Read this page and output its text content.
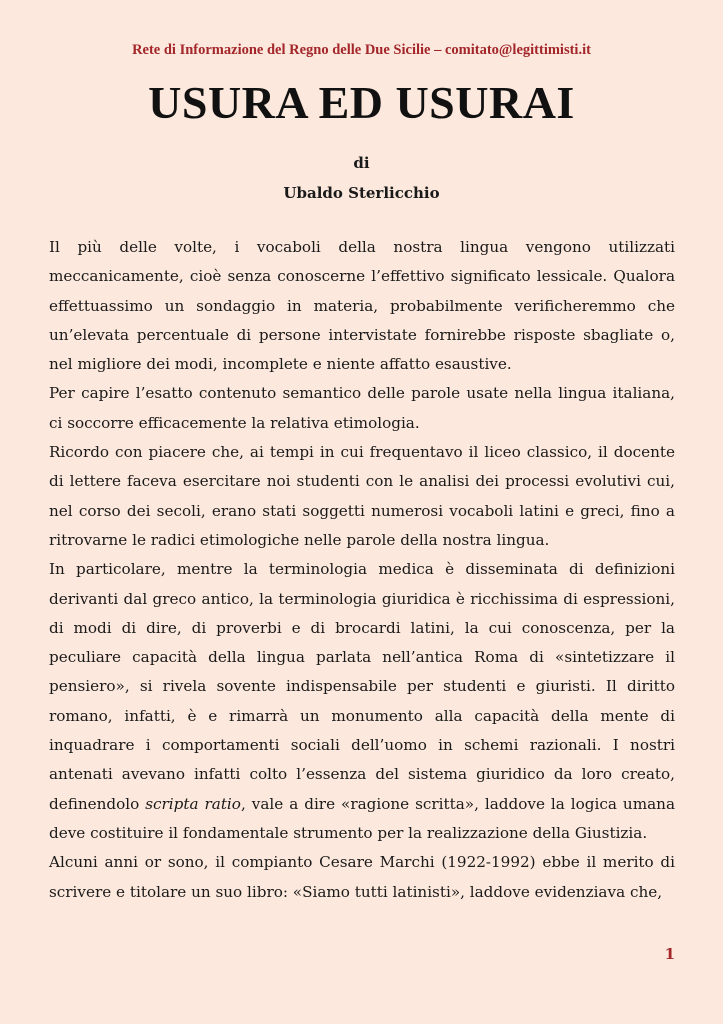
Rete di Informazione del Regno delle Due Sicilie – comitato@legittimisti.it
USURA ED USURAI
di
Ubaldo Sterlicchio

Il più delle volte, i vocaboli della nostra lingua vengono utilizzati meccanicamente, cioè senza conoscerne l’effettivo significato lessicale. Qualora effettuassimo un sondaggio in materia, probabilmente verificheremmo che un’elevata percentuale di persone intervistate fornirebbe risposte sbagliate o, nel migliore dei modi, incomplete e niente affatto esaustive.

Per capire l’esatto contenuto semantico delle parole usate nella lingua italiana, ci soccorre efficacemente la relativa etimologia.

Ricordo con piacere che, ai tempi in cui frequentavo il liceo classico, il docente di lettere faceva esercitare noi studenti con le analisi dei processi evolutivi cui, nel corso dei secoli, erano stati soggetti numerosi vocaboli latini e greci, fino a ritrovarne le radici etimologiche nelle parole della nostra lingua.

In particolare, mentre la terminologia medica è disseminata di definizioni derivanti dal greco antico, la terminologia giuridica è ricchissima di espressioni, di modi di dire, di proverbi e di brocardi latini, la cui conoscenza, per la peculiare capacità della lingua parlata nell’antica Roma di «sintetizzare il pensiero», si rivela sovente indispensabile per studenti e giuristi. Il diritto romano, infatti, è e rimarrà un monumento alla capacità della mente di inquadrare i comportamenti sociali dell’uomo in schemi razionali. I nostri antenati avevano infatti colto l’essenza del sistema giuridico da loro creato, definendolo scripta ratio, vale a dire «ragione scritta», laddove la logica umana deve costituire il fondamentale strumento per la realizzazione della Giustizia.

Alcuni anni or sono, il compianto Cesare Marchi (1922-1992) ebbe il merito di scrivere e titolare un suo libro: «Siamo tutti latinisti», laddove evidenziava che,

1
